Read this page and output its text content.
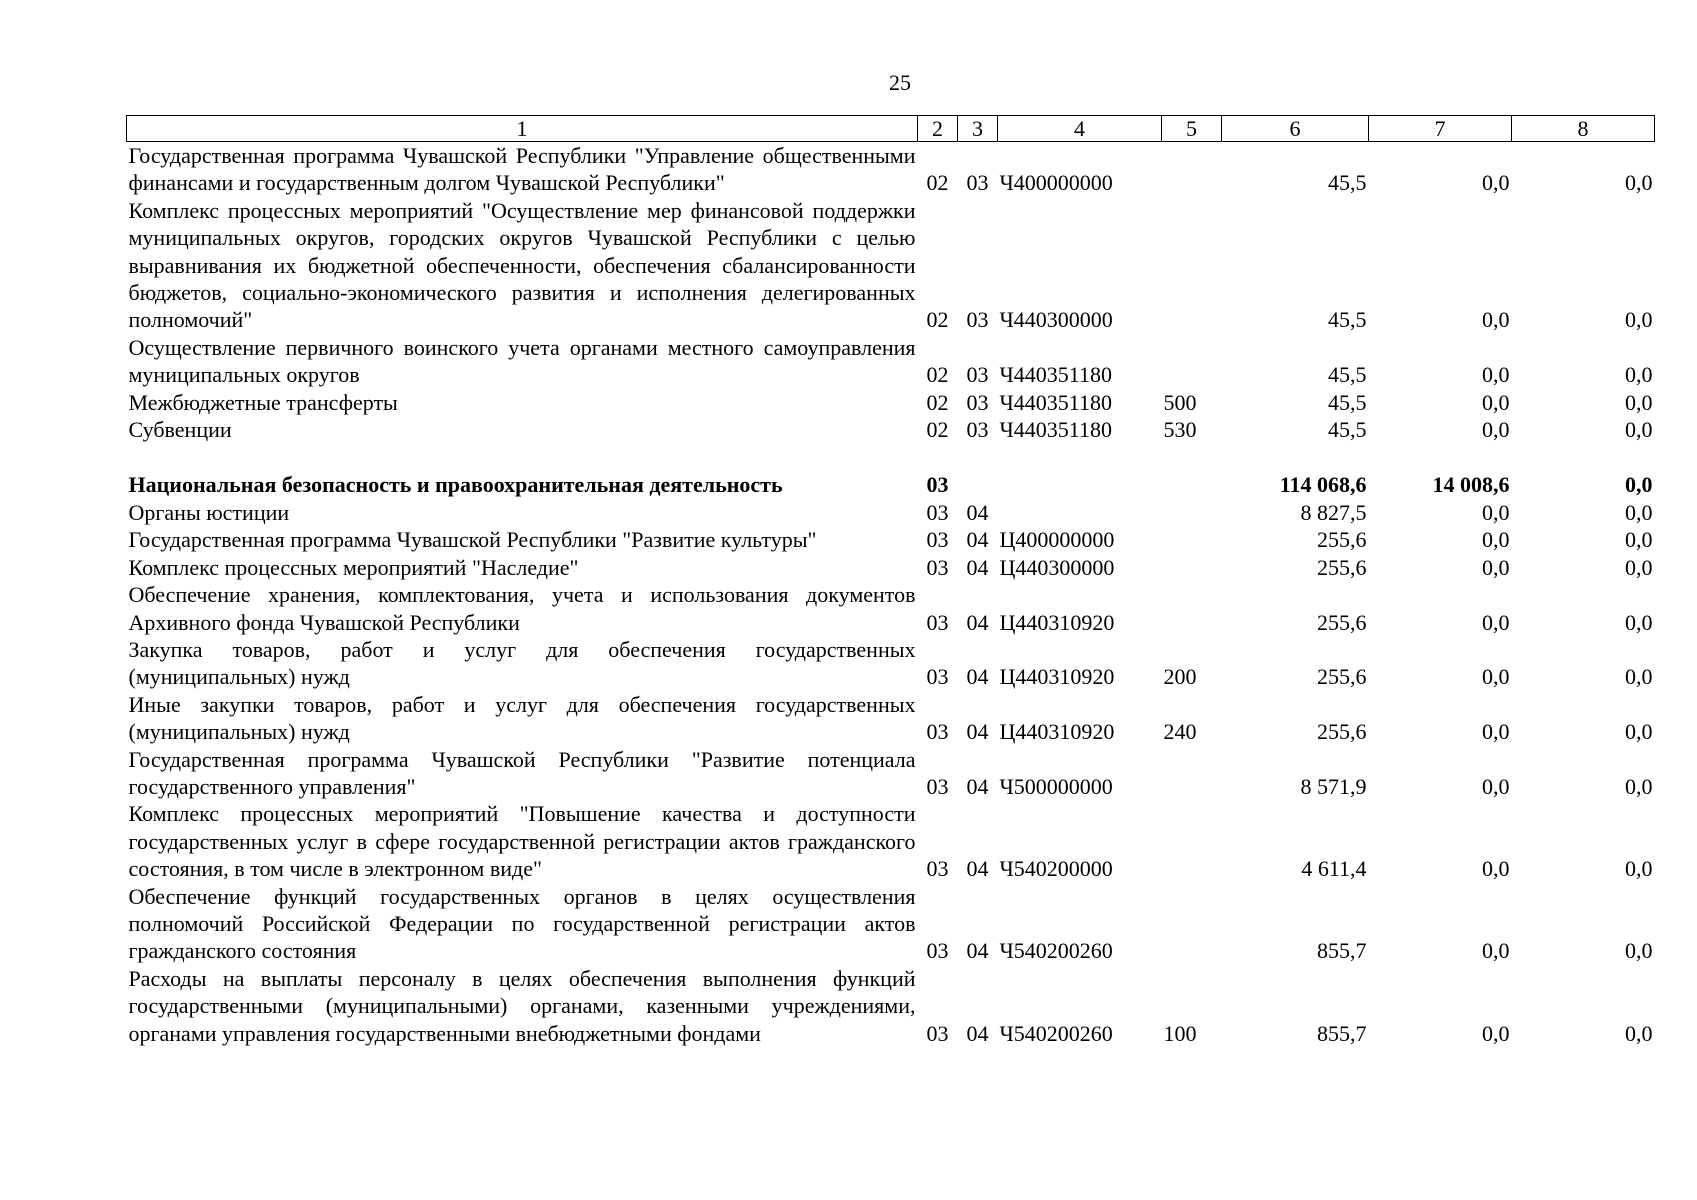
25
1	2	3	4	5	6	7	8
Государственная программа Чувашской Республики "Управление общественными финансами и государственным долгом Чувашской Республики"	02	03	Ч400000000		45,5	0,0	0,0
Комплекс процессных мероприятий "Осуществление мер финансовой поддержки муниципальных округов, городских округов Чувашской Республики с целью выравнивания их бюджетной обеспеченности, обеспечения сбалансированности бюджетов, социально-экономического развития и исполнения делегированных полномочий"	02	03	Ч440300000		45,5	0,0	0,0
Осуществление первичного воинского учета органами местного самоуправления муниципальных округов	02	03	Ч440351180		45,5	0,0	0,0
Межбюджетные трансферты	02	03	Ч440351180	500	45,5	0,0	0,0
Субвенции	02	03	Ч440351180	530	45,5	0,0	0,0

Национальная безопасность и правоохранительная деятельность	03				114 068,6	14 008,6	0,0
Органы юстиции	03	04			8 827,5	0,0	0,0
Государственная программа Чувашской Республики "Развитие культуры"	03	04	Ц400000000		255,6	0,0	0,0
Комплекс процессных мероприятий "Наследие"	03	04	Ц440300000		255,6	0,0	0,0
Обеспечение хранения, комплектования, учета и использования документов Архивного фонда Чувашской Республики	03	04	Ц440310920		255,6	0,0	0,0
Закупка товаров, работ и услуг для обеспечения государственных (муниципальных) нужд	03	04	Ц440310920	200	255,6	0,0	0,0
Иные закупки товаров, работ и услуг для обеспечения государственных (муниципальных) нужд	03	04	Ц440310920	240	255,6	0,0	0,0
Государственная программа Чувашской Республики "Развитие потенциала государственного управления"	03	04	Ч500000000		8 571,9	0,0	0,0
Комплекс процессных мероприятий "Повышение качества и доступности государственных услуг в сфере государственной регистрации актов гражданского состояния, в том числе в электронном виде"	03	04	Ч540200000		4 611,4	0,0	0,0
Обеспечение функций государственных органов в целях осуществления полномочий Российской Федерации по государственной регистрации актов гражданского состояния	03	04	Ч540200260		855,7	0,0	0,0
Расходы на выплаты персоналу в целях обеспечения выполнения функций государственными (муниципальными) органами, казенными учреждениями, органами управления государственными внебюджетными фондами	03	04	Ч540200260	100	855,7	0,0	0,0
